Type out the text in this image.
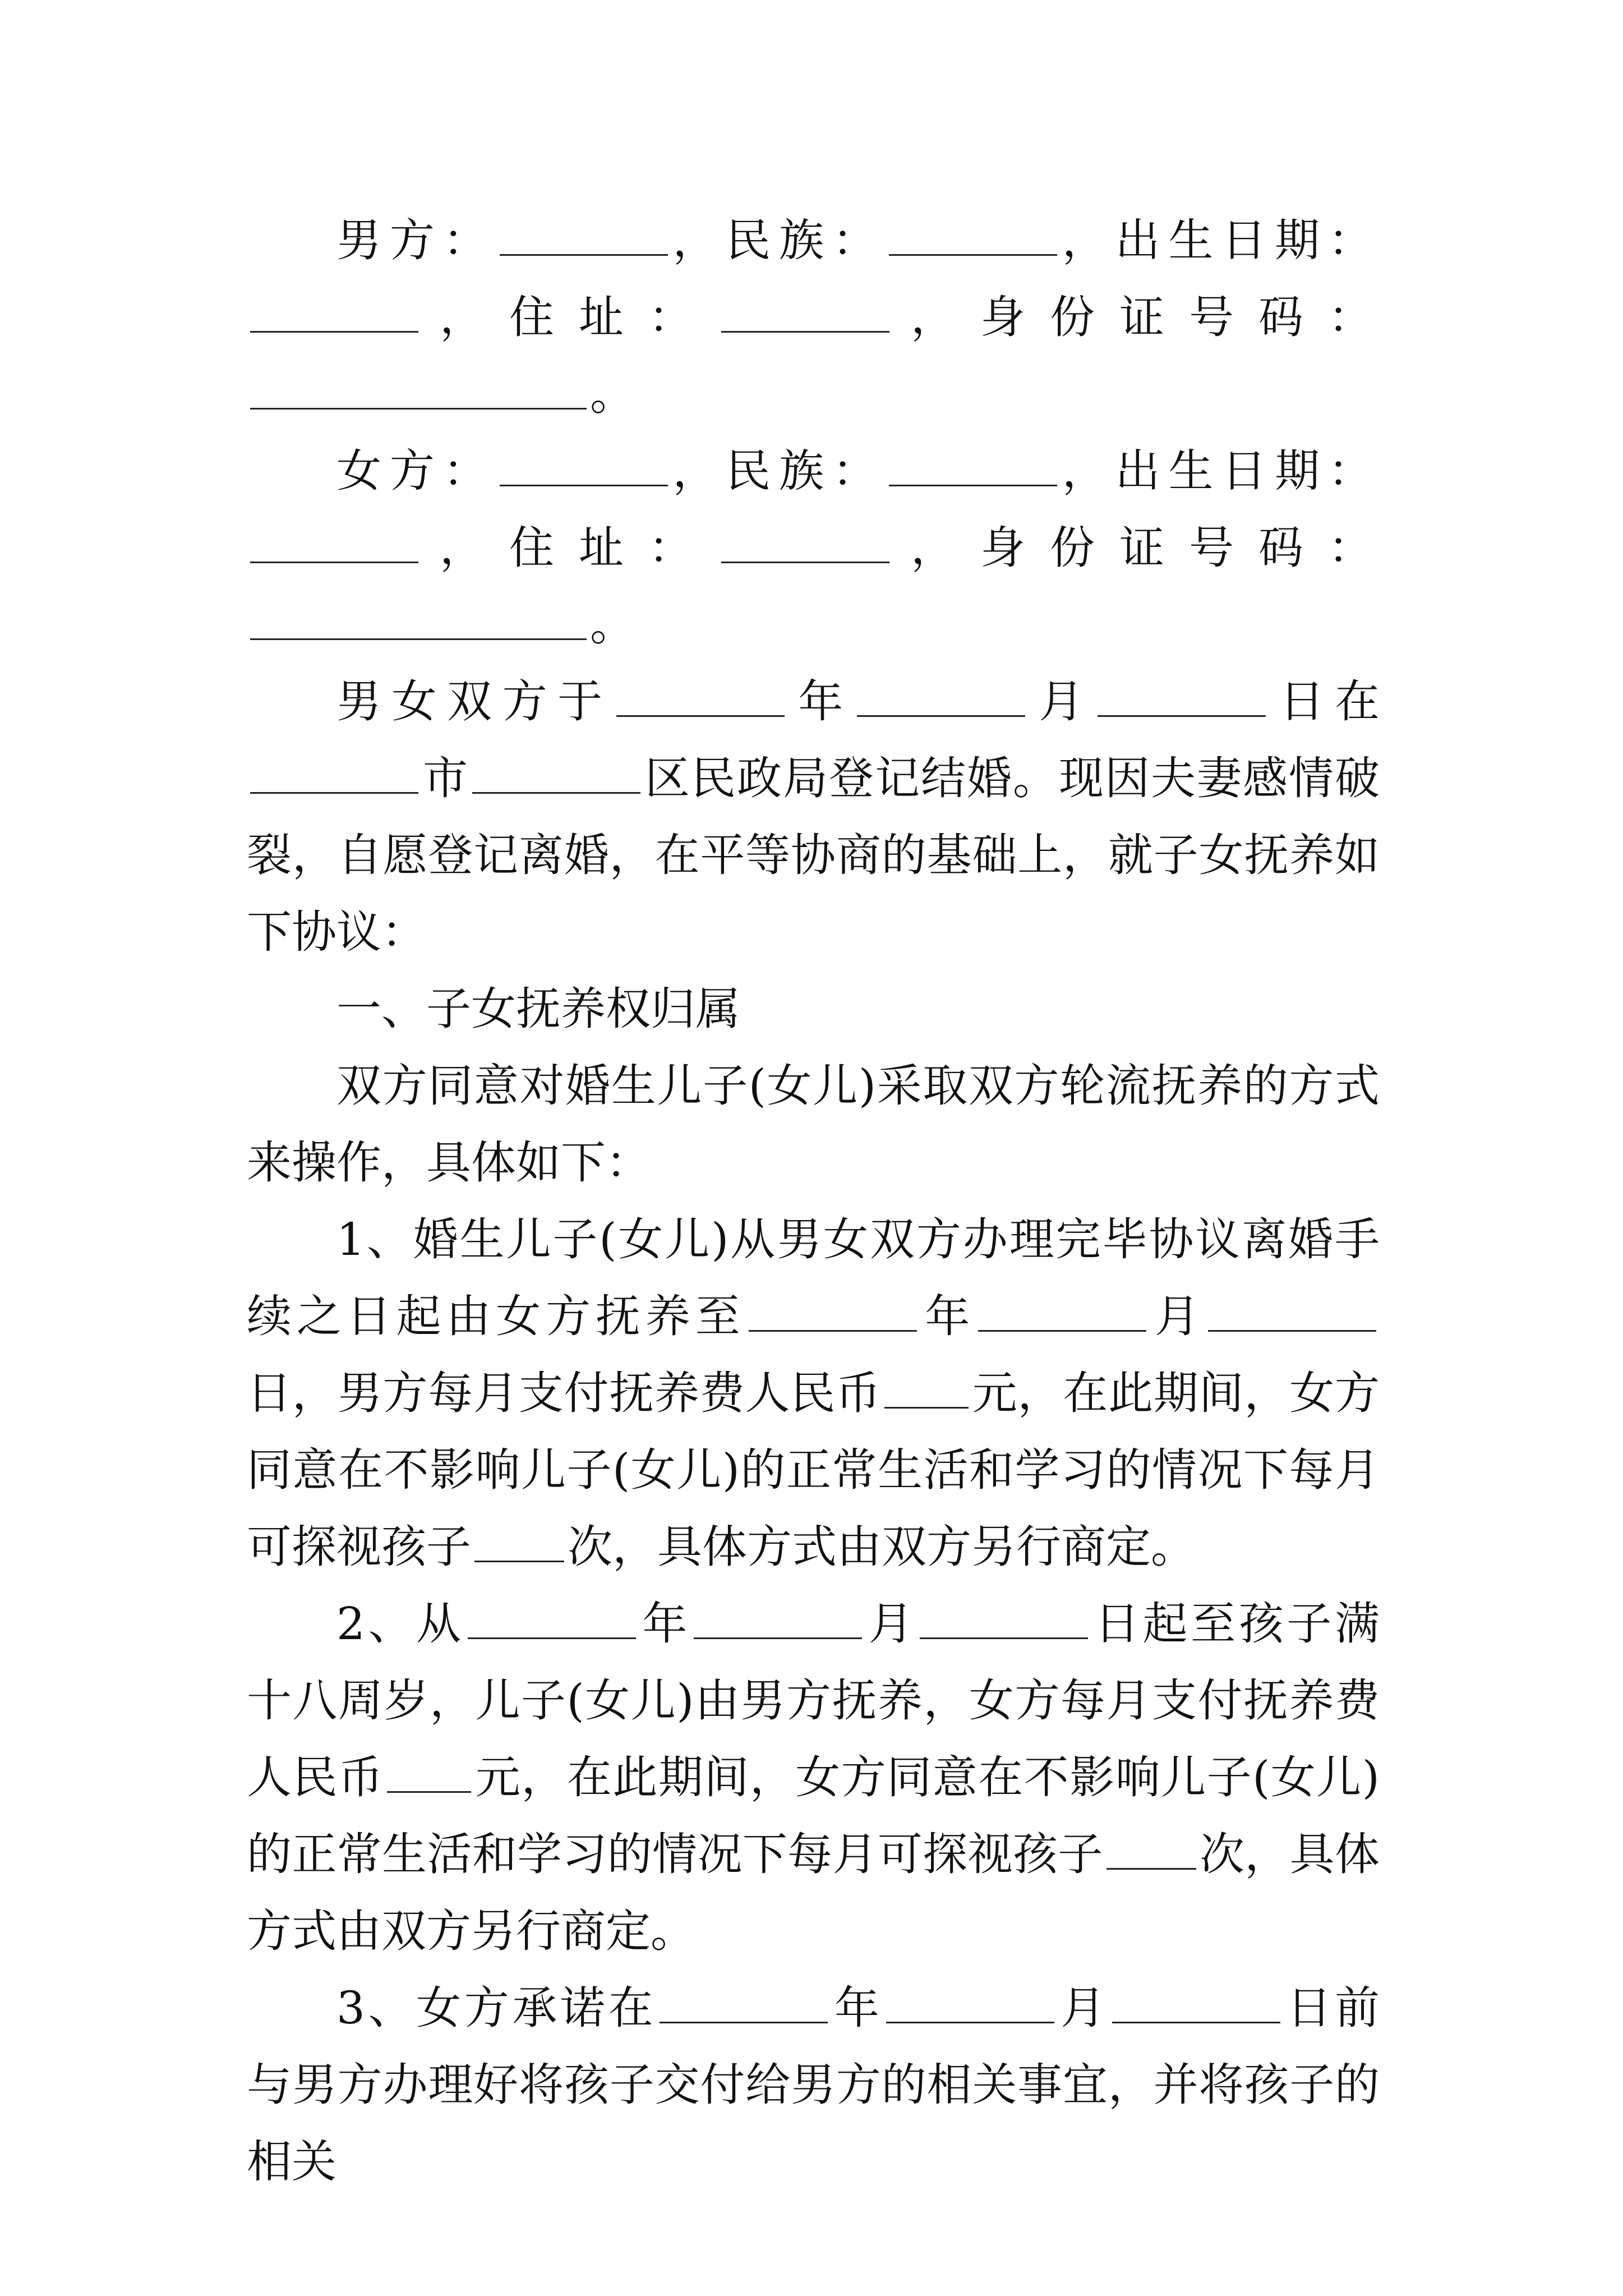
男方：	，民族：	，出生日期：，住址：	，身份证号码：。

女方：	，民族：	，出生日期：，住址：	，身份证号码：。

男女双方于	年	月	日在市	区民政局登记结婚。现因夫妻感情破裂，自愿登记离婚，在平等协商的基础上，就子女抚养如下协议：

一、子女抚养权归属

双方同意对婚生儿子(女儿)采取双方轮流抚养的方式来操作，具体如下：

1、婚生儿子(女儿)从男女双方办理完毕协议离婚手续之日起由女方抚养至	年	月日，男方每月支付抚养费人民币 元，在此期间，女方同意在不影响儿子(女儿)的正常生活和学习的情况下每月可探视孩子 次，具体方式由双方另行商定。

2、从	年	月	日起至孩子满十八周岁，儿子(女儿)由男方抚养，女方每月支付抚养费人民币 元，在此期间，女方同意在不影响儿子(女儿)的正常生活和学习的情况下每月可探视孩子 次，具体方式由双方另行商定。

3、女方承诺在	年	月	日前与男方办理好将孩子交付给男方的相关事宜，并将孩子的相关
